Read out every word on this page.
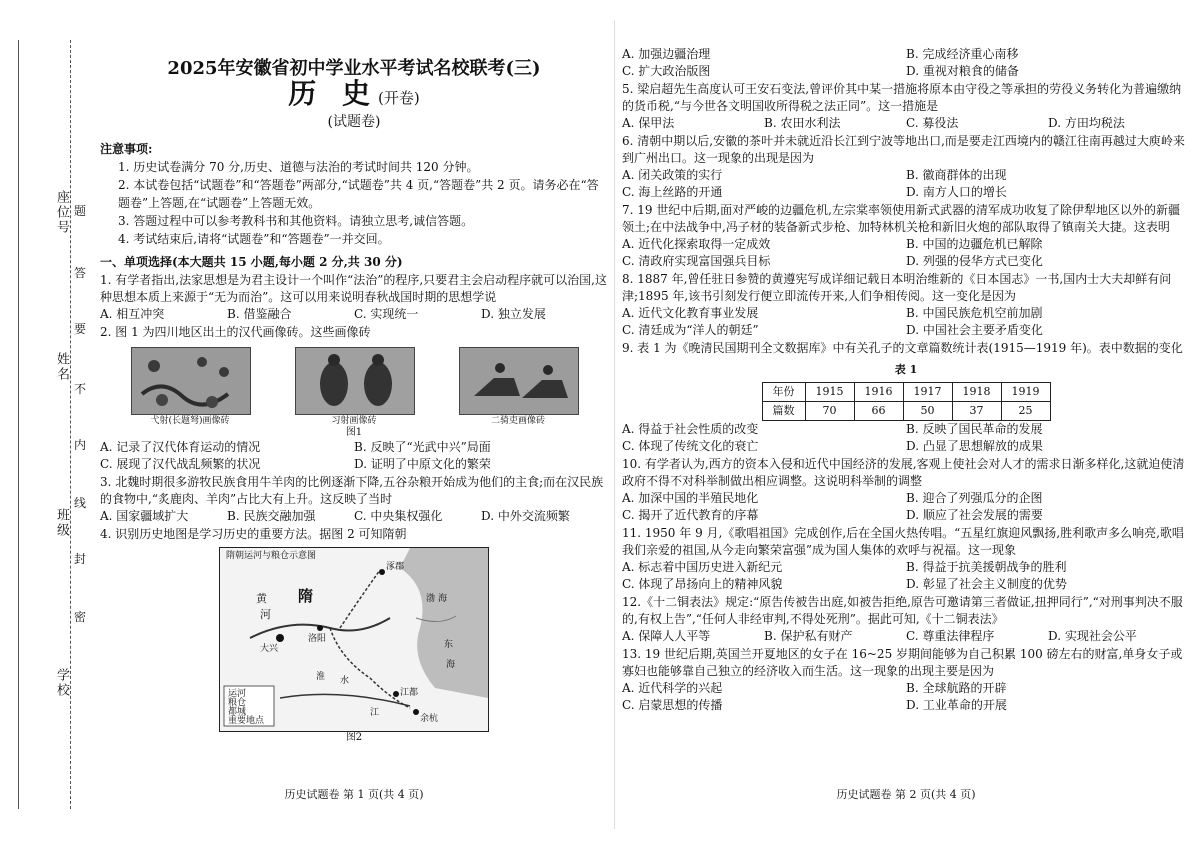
座位号
姓名
班级
学校
题
答
要
不
内
线
封
密
2025年安徽省初中学业水平考试名校联考(三)
历 史(开卷)
(试题卷)
注意事项:
1. 历史试卷满分 70 分,历史、道德与法治的考试时间共 120 分钟。
2. 本试卷包括“试题卷”和“答题卷”两部分,“试题卷”共 4 页,“答题卷”共 2 页。请务必在“答题卷”上答题,在“试题卷”上答题无效。
3. 答题过程中可以参考教科书和其他资料。请独立思考,诚信答题。
4. 考试结束后,请将“试题卷”和“答题卷”一并交回。
一、单项选择(本大题共 15 小题,每小题 2 分,共 30 分)
1. 有学者指出,法家思想是为君主设计一个叫作“法治”的程序,只要君主会启动程序就可以治国,这种思想本质上来源于“无为而治”。这可以用来说明春秋战国时期的思想学说
A. 相互冲突	B. 借鉴融合	C. 实现统一	D. 独立发展
2. 图 1 为四川地区出土的汉代画像砖。这些画像砖
弋射(长题弩)画像砖	习射画像砖	二骑吏画像砖
图1
A. 记录了汉代体育运动的情况	B. 反映了“光武中兴”局面
C. 展现了汉代战乱频繁的状况	D. 证明了中原文化的繁荣
3. 北魏时期很多游牧民族食用牛羊肉的比例逐渐下降,五谷杂粮开始成为他们的主食;而在汉民族的食物中,“炙鹿肉、羊肉”占比大有上升。这反映了当时
A. 国家疆域扩大	B. 民族交融加强	C. 中央集权强化	D. 中外交流频繁
4. 识别历史地图是学习历史的重要方法。据图 2 可知隋朝
隋朝运河与粮仓示意图
隋
黄
河
渤 海
东
海
淮 水
江
大兴
洛阳
涿郡
江都
余杭
运河
粮仓
都城
重要地点
图2
历史试题卷 第 1 页(共 4 页)
A. 加强边疆治理	B. 完成经济重心南移
C. 扩大政治版图	D. 重视对粮食的储备
5. 梁启超先生高度认可王安石变法,曾评价其中某一措施将原本由守役之等承担的劳役义务转化为普遍缴纳的货币税,“与今世各文明国收所得税之法正同”。这一措施是
A. 保甲法	B. 农田水利法	C. 募役法	D. 方田均税法
6. 清朝中期以后,安徽的茶叶并未就近沿长江到宁波等地出口,而是要走江西境内的赣江往南再越过大庾岭来到广州出口。这一现象的出现是因为
A. 闭关政策的实行	B. 徽商群体的出现
C. 海上丝路的开通	D. 南方人口的增长
7. 19 世纪中后期,面对严峻的边疆危机,左宗棠率领使用新式武器的清军成功收复了除伊犁地区以外的新疆领土;在中法战争中,冯子材的装备新式步枪、加特林机关枪和新旧火炮的部队取得了镇南关大捷。这表明
A. 近代化探索取得一定成效	B. 中国的边疆危机已解除
C. 清政府实现富国强兵目标	D. 列强的侵华方式已变化
8. 1887 年,曾任驻日参赞的黄遵宪写成详细记载日本明治维新的《日本国志》一书,国内士大夫却鲜有问津;1895 年,该书引刻发行便立即流传开来,人们争相传阅。这一变化是因为
A. 近代文化教育事业发展	B. 中国民族危机空前加剧
C. 清廷成为“洋人的朝廷”	D. 中国社会主要矛盾变化
9. 表 1 为《晚清民国期刊全文数据库》中有关孔子的文章篇数统计表(1915—1919 年)。表中数据的变化
表 1
年份	1915	1916	1917	1918	1919
篇数	70	66	50	37	25
A. 得益于社会性质的改变	B. 反映了国民革命的发展
C. 体现了传统文化的衰亡	D. 凸显了思想解放的成果
10. 有学者认为,西方的资本入侵和近代中国经济的发展,客观上使社会对人才的需求日渐多样化,这就迫使清政府不得不对科举制做出相应调整。这说明科举制的调整
A. 加深中国的半殖民地化	B. 迎合了列强瓜分的企图
C. 揭开了近代教育的序幕	D. 顺应了社会发展的需要
11. 1950 年 9 月,《歌唱祖国》完成创作,后在全国火热传唱。“五星红旗迎风飘扬,胜利歌声多么响亮,歌唱我们亲爱的祖国,从今走向繁荣富强”成为国人集体的欢呼与祝福。这一现象
A. 标志着中国历史进入新纪元	B. 得益于抗美援朝战争的胜利
C. 体现了昂扬向上的精神风貌	D. 彰显了社会主义制度的优势
12.《十二铜表法》规定:“原告传被告出庭,如被告拒绝,原告可邀请第三者做证,扭押同行”,“对刑事判决不服的,有权上告”,“任何人非经审判,不得处死刑”。据此可知,《十二铜表法》
A. 保障人人平等	B. 保护私有财产	C. 尊重法律程序	D. 实现社会公平
13. 19 世纪后期,英国兰开夏地区的女子在 16~25 岁期间能够为自己积累 100 磅左右的财富,单身女子或寡妇也能够靠自己独立的经济收入而生活。这一现象的出现主要是因为
A. 近代科学的兴起	B. 全球航路的开辟
C. 启蒙思想的传播	D. 工业革命的开展
历史试题卷 第 2 页(共 4 页)
